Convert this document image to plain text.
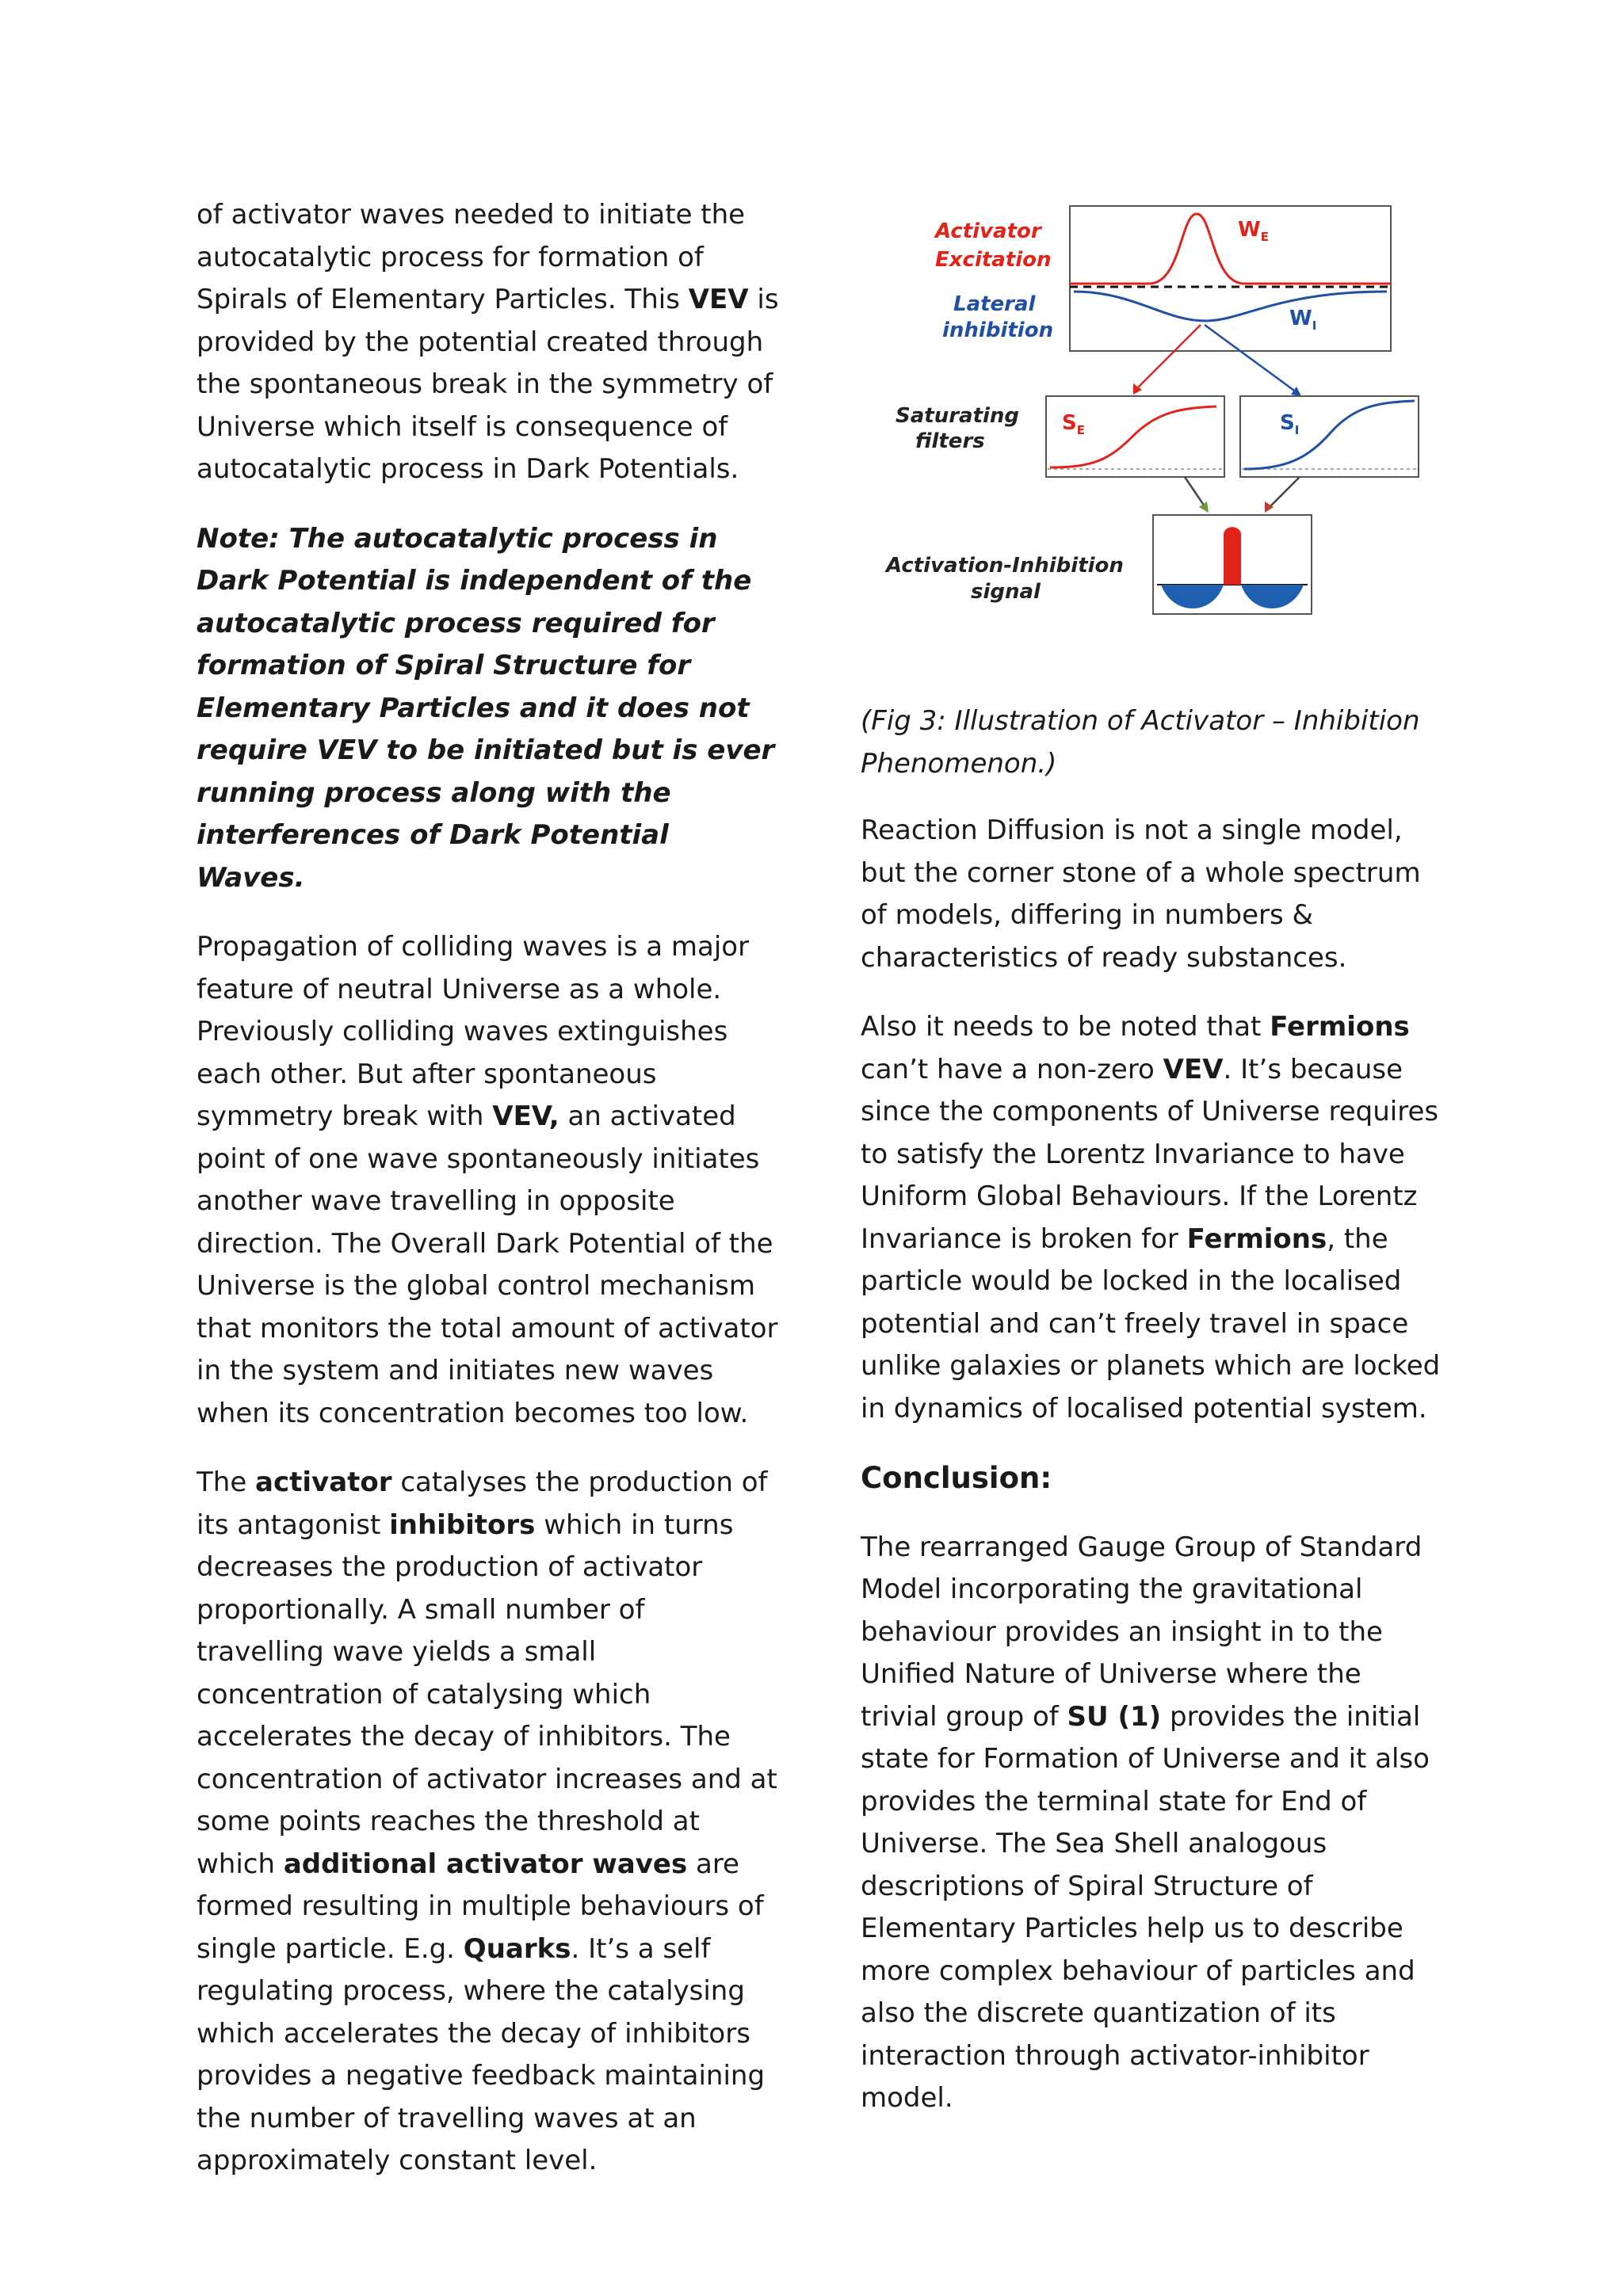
of activator waves needed to initiate the autocatalytic process for formation of Spirals of Elementary Particles. This VEV is provided by the potential created through the spontaneous break in the symmetry of Universe which itself is consequence of autocatalytic process in Dark Potentials.

Note: The autocatalytic process in Dark Potential is independent of the autocatalytic process required for formation of Spiral Structure for Elementary Particles and it does not require VEV to be initiated but is ever running process along with the interferences of Dark Potential Waves.

Propagation of colliding waves is a major feature of neutral Universe as a whole. Previously colliding waves extinguishes each other. But after spontaneous symmetry break with VEV, an activated point of one wave spontaneously initiates another wave travelling in opposite direction. The Overall Dark Potential of the Universe is the global control mechanism that monitors the total amount of activator in the system and initiates new waves when its concentration becomes too low.

The activator catalyses the production of its antagonist inhibitors which in turns decreases the production of activator proportionally. A small number of travelling wave yields a small concentration of catalysing which accelerates the decay of inhibitors. The concentration of activator increases and at some points reaches the threshold at which additional activator waves are formed resulting in multiple behaviours of single particle. E.g. Quarks. It’s a self regulating process, where the catalysing which accelerates the decay of inhibitors provides a negative feedback maintaining the number of travelling waves at an approximately constant level.

Activator
Excitation
Lateral
inhibition
$W_E$
$W_I$
Saturating
filters
$S_E$	$S_I$
Activation-Inhibition
signal
(Fig 3: Illustration of Activator – Inhibition Phenomenon.)

Reaction Diffusion is not a single model, but the corner stone of a whole spectrum of models, differing in numbers & characteristics of ready substances.

Also it needs to be noted that Fermions can’t have a non-zero VEV. It’s because since the components of Universe requires to satisfy the Lorentz Invariance to have Uniform Global Behaviours. If the Lorentz Invariance is broken for Fermions, the particle would be locked in the localised potential and can’t freely travel in space unlike galaxies or planets which are locked in dynamics of localised potential system.

Conclusion:

The rearranged Gauge Group of Standard Model incorporating the gravitational behaviour provides an insight in to the Unified Nature of Universe where the trivial group of SU (1) provides the initial state for Formation of Universe and it also provides the terminal state for End of Universe. The Sea Shell analogous descriptions of Spiral Structure of Elementary Particles help us to describe more complex behaviour of particles and also the discrete quantization of its interaction through activator-inhibitor model.
